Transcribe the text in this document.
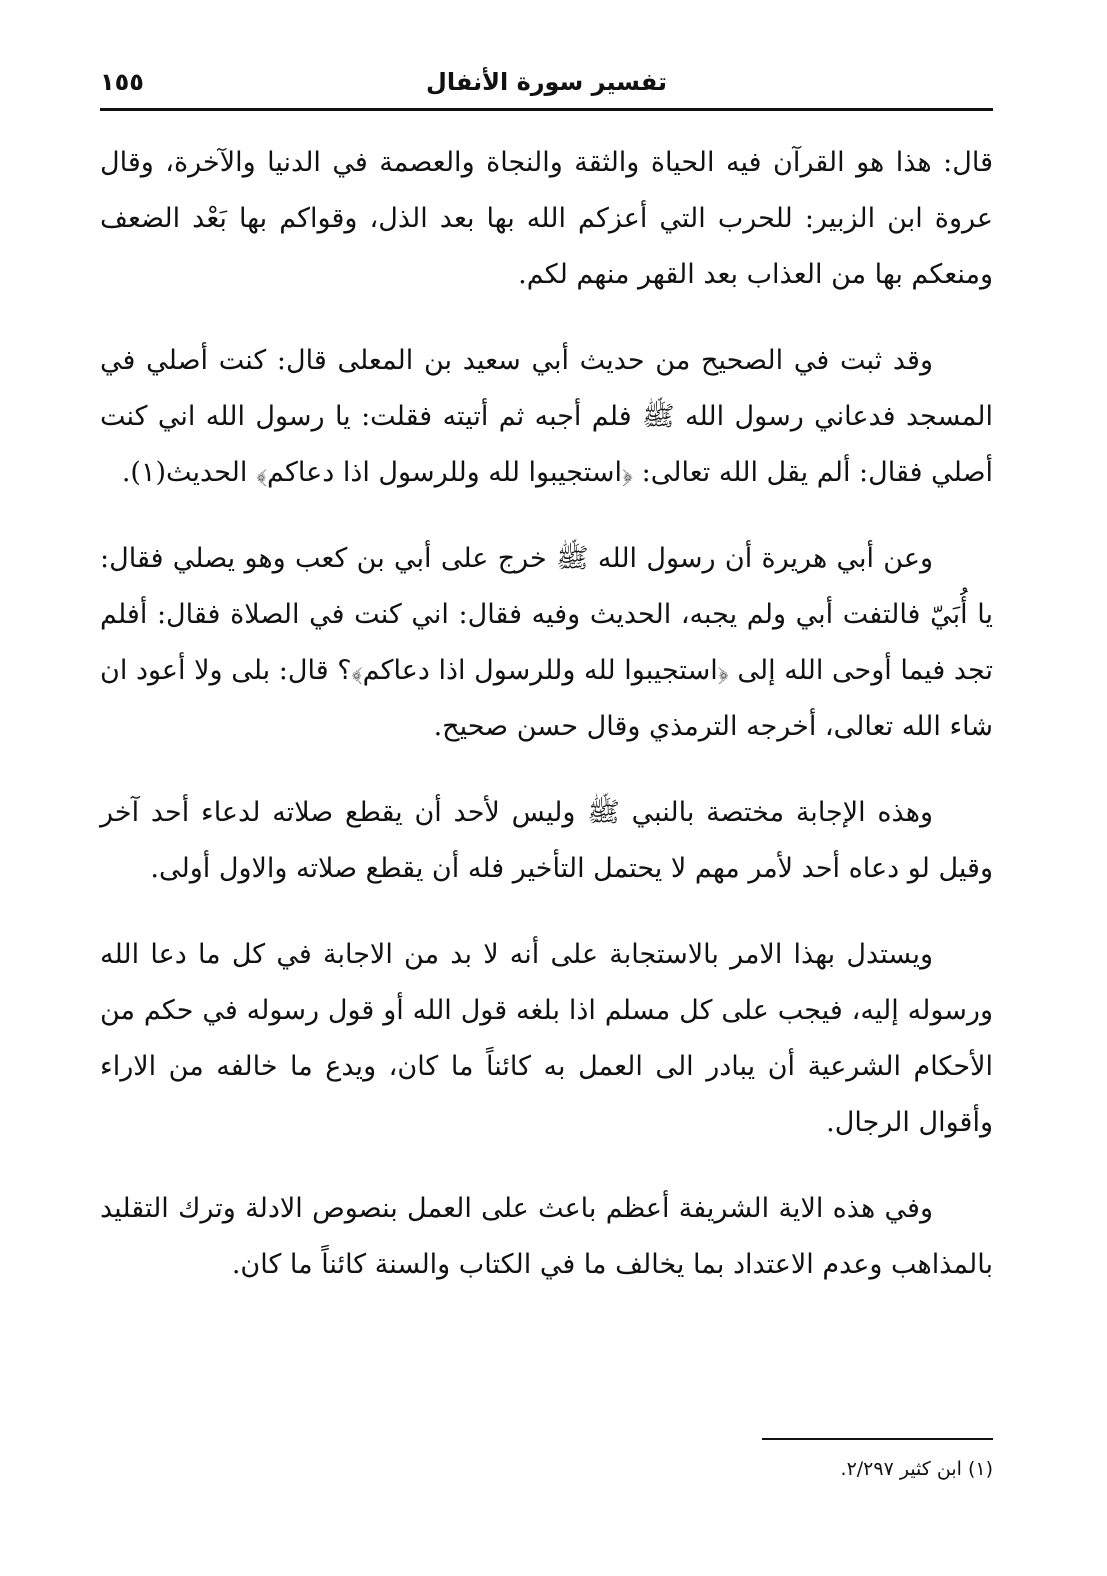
تفسير سورة الأنفال
١٥٥

قال: هذا هو القرآن فيه الحياة والثقة والنجاة والعصمة في الدنيا والآخرة، وقال عروة ابن الزبير: للحرب التي أعزكم الله بها بعد الذل، وقواكم بها بَعْد الضعف ومنعكم بها من العذاب بعد القهر منهم لكم.

وقد ثبت في الصحيح من حديث أبي سعيد بن المعلى قال: كنت أصلي في المسجد فدعاني رسول الله ﷺ فلم أجبه ثم أتيته فقلت: يا رسول الله اني كنت أصلي فقال: ألم يقل الله تعالى: ﴿استجيبوا لله وللرسول اذا دعاكم﴾ الحديث(١).

وعن أبي هريرة أن رسول الله ﷺ خرج على أبي بن كعب وهو يصلي فقال: يا أُبَيّ فالتفت أبي ولم يجبه، الحديث وفيه فقال: اني كنت في الصلاة فقال: أفلم تجد فيما أوحى الله إلى ﴿استجيبوا لله وللرسول اذا دعاكم﴾؟ قال: بلى ولا أعود ان شاء الله تعالى، أخرجه الترمذي وقال حسن صحيح.

وهذه الإجابة مختصة بالنبي ﷺ وليس لأحد أن يقطع صلاته لدعاء أحد آخر وقيل لو دعاه أحد لأمر مهم لا يحتمل التأخير فله أن يقطع صلاته والاول أولى.

ويستدل بهذا الامر بالاستجابة على أنه لا بد من الاجابة في كل ما دعا الله ورسوله إليه، فيجب على كل مسلم اذا بلغه قول الله أو قول رسوله في حكم من الأحكام الشرعية أن يبادر الى العمل به كائناً ما كان، ويدع ما خالفه من الاراء وأقوال الرجال.

وفي هذه الاية الشريفة أعظم باعث على العمل بنصوص الادلة وترك التقليد بالمذاهب وعدم الاعتداد بما يخالف ما في الكتاب والسنة كائناً ما كان.

(١) ابن كثير ٢/٢٩٧.
